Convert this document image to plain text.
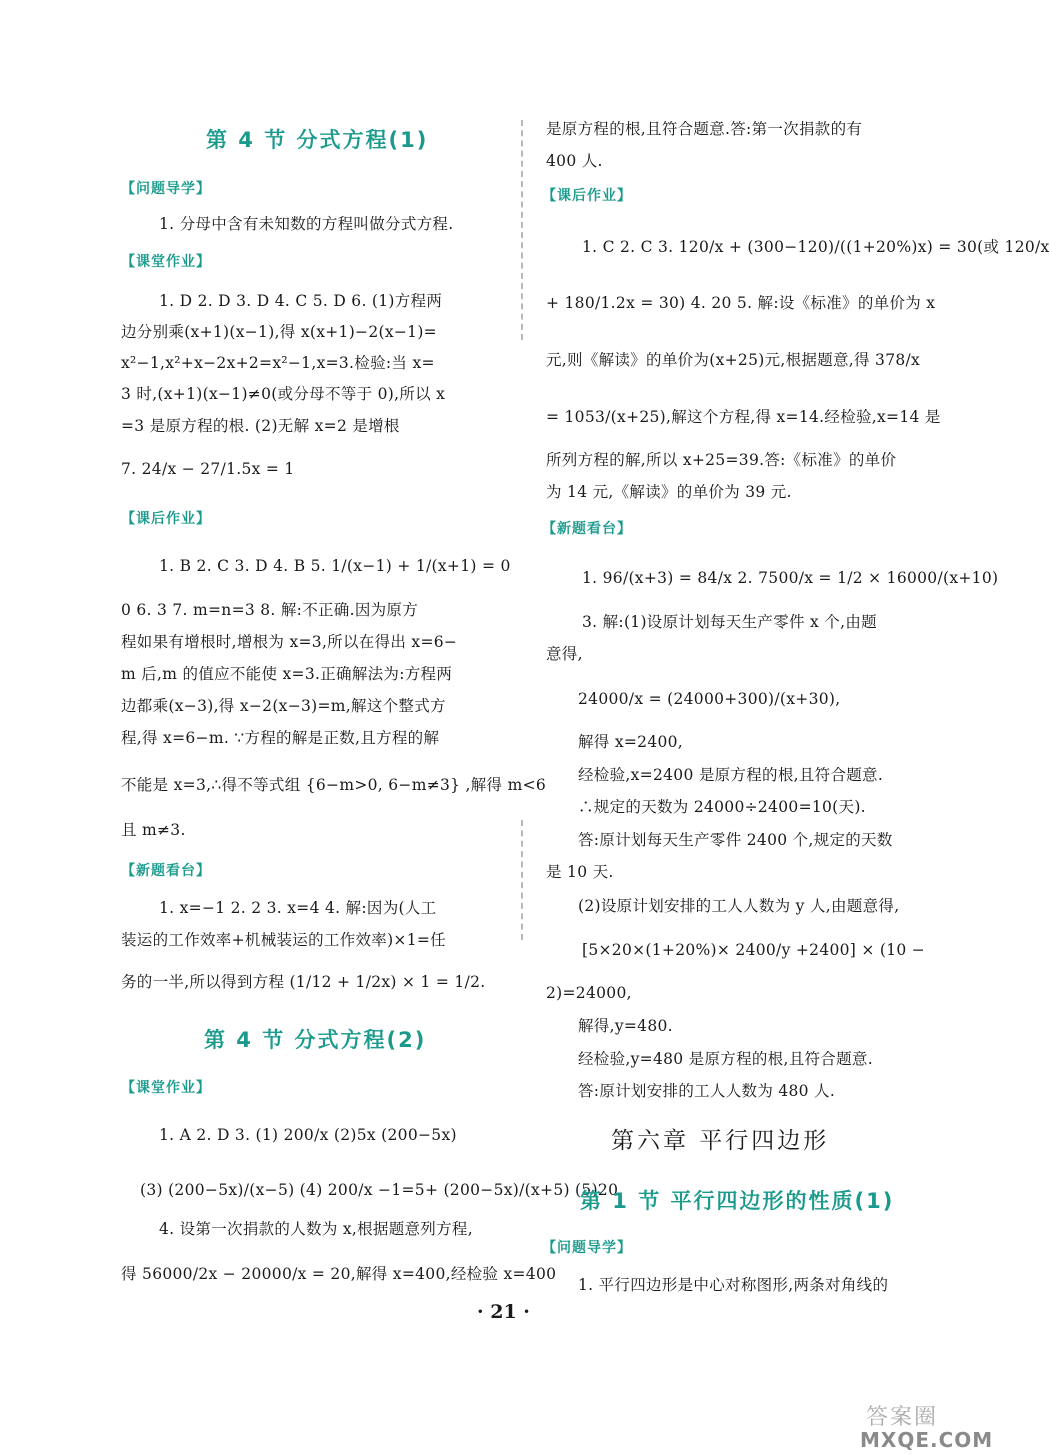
第 4 节 分式方程(1)
【问题导学】
1. 分母中含有未知数的方程叫做分式方程.
【课堂作业】
1. D 2. D 3. D 4. C 5. D 6. (1)方程两
边分别乘(x+1)(x−1),得 x(x+1)−2(x−1)=
x²−1,x²+x−2x+2=x²−1,x=3.检验:当 x=
3 时,(x+1)(x−1)≠0(或分母不等于 0),所以 x
=3 是原方程的根. (2)无解 x=2 是增根
7. 24/x − 27/1.5x = 1
【课后作业】
1. B 2. C 3. D 4. B 5. 1/(x−1) + 1/(x+1) = 0
0 6. 3 7. m=n=3 8. 解:不正确.因为原方
程如果有增根时,增根为 x=3,所以在得出 x=6−
m 后,m 的值应不能使 x=3.正确解法为:方程两
边都乘(x−3),得 x−2(x−3)=m,解这个整式方
程,得 x=6−m. ∵方程的解是正数,且方程的解
不能是 x=3,∴得不等式组 {6−m>0, 6−m≠3} ,解得 m<6
且 m≠3.
【新题看台】
1. x=−1 2. 2 3. x=4 4. 解:因为(人工
装运的工作效率+机械装运的工作效率)×1=任
务的一半,所以得到方程 (1/12 + 1/2x) × 1 = 1/2.
第 4 节 分式方程(2)
【课堂作业】
1. A 2. D 3. (1) 200/x (2)5x (200−5x)
(3) (200−5x)/(x−5) (4) 200/x −1=5+ (200−5x)/(x+5) (5)20
4. 设第一次捐款的人数为 x,根据题意列方程,
得 56000/2x − 20000/x = 20,解得 x=400,经检验 x=400
是原方程的根,且符合题意.答:第一次捐款的有
400 人.
【课后作业】
1. C 2. C 3. 120/x + (300−120)/((1+20%)x) = 30(或 120/x
+ 180/1.2x = 30) 4. 20 5. 解:设《标准》的单价为 x
元,则《解读》的单价为(x+25)元,根据题意,得 378/x
= 1053/(x+25),解这个方程,得 x=14.经检验,x=14 是
所列方程的解,所以 x+25=39.答:《标准》的单价
为 14 元,《解读》的单价为 39 元.
【新题看台】
1. 96/(x+3) = 84/x 2. 7500/x = 1/2 × 16000/(x+10)
3. 解:(1)设原计划每天生产零件 x 个,由题
意得,
24000/x = (24000+300)/(x+30),
解得 x=2400,
经检验,x=2400 是原方程的根,且符合题意.
∴规定的天数为 24000÷2400=10(天).
答:原计划每天生产零件 2400 个,规定的天数
是 10 天.
(2)设原计划安排的工人人数为 y 人,由题意得,
[5×20×(1+20%)× 2400/y +2400] × (10 −
2)=24000,
解得,y=480.
经检验,y=480 是原方程的根,且符合题意.
答:原计划安排的工人人数为 480 人.
第六章 平行四边形
第 1 节 平行四边形的性质(1)
【问题导学】
1. 平行四边形是中心对称图形,两条对角线的
· 21 ·
答案圈
MXQE.COM
